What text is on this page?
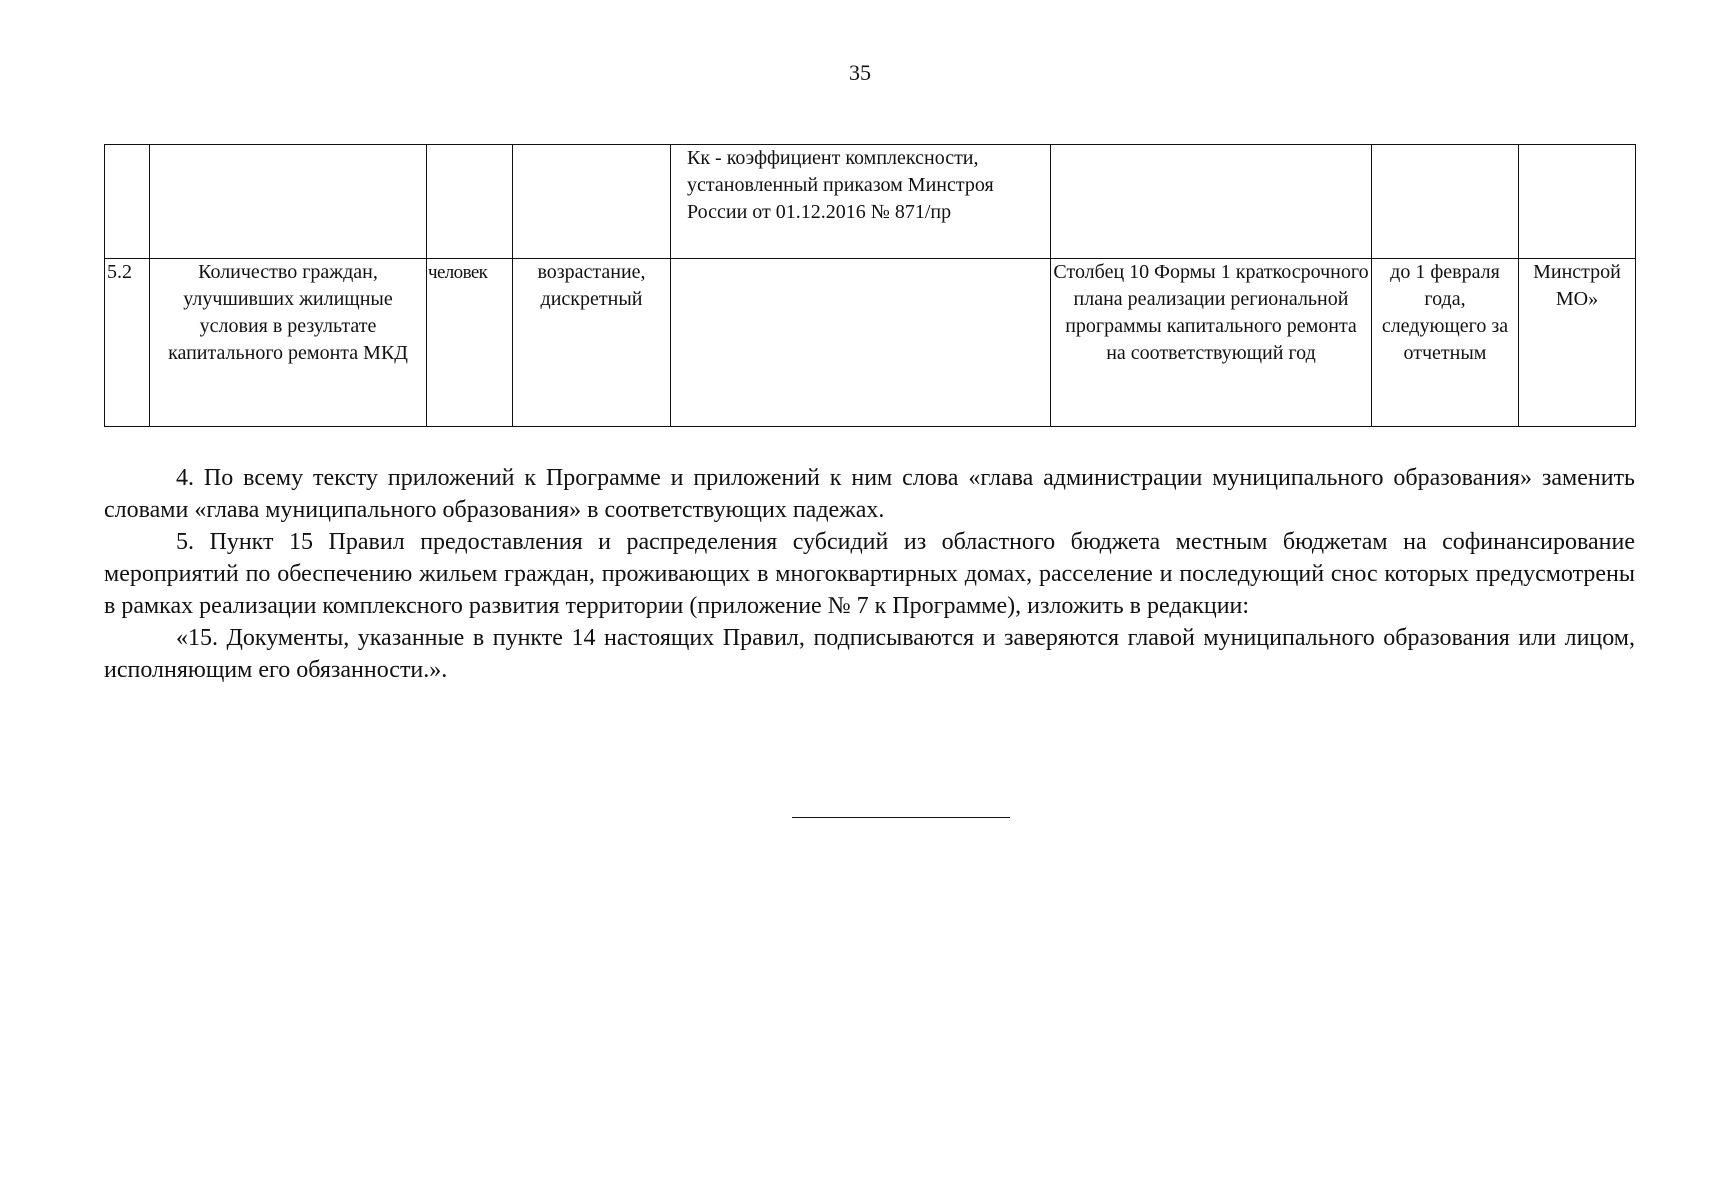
35
				Кк - коэффициент комплексности, установленный приказом Минстроя России от 01.12.2016 № 871/пр			
5.2	Количество граждан, улучшивших жилищные условия в результате капитального ремонта МКД	человек	возрастание, дискретный		Столбец 10 Формы 1 краткосрочного плана реализации региональной программы капитального ремонта на соответствующий год	до 1 февраля года, следующего за отчетным	Минстрой МО»

4. По всему тексту приложений к Программе и приложений к ним слова «глава администрации муниципального образования» заменить словами «глава муниципального образования» в соответствующих падежах.

5. Пункт 15 Правил предоставления и распределения субсидий из областного бюджета местным бюджетам на софинансирование мероприятий по обеспечению жильем граждан, проживающих в многоквартирных домах, расселение и последующий снос которых предусмотрены в рамках реализации комплексного развития территории (приложение № 7 к Программе), изложить в редакции:

«15. Документы, указанные в пункте 14 настоящих Правил, подписываются и заверяются главой муниципального образования или лицом, исполняющим его обязанности.».
